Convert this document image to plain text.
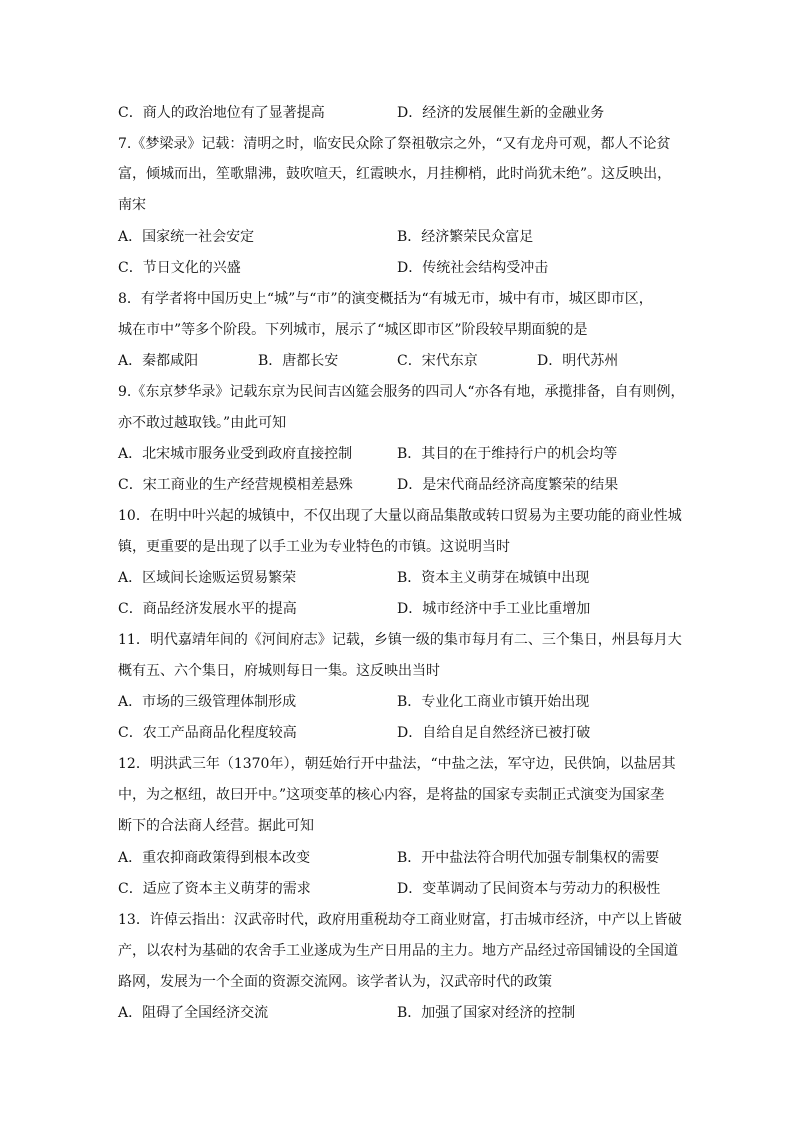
C．商人的政治地位有了显著提高	D．经济的发展催生新的金融业务
7.《梦梁录》记载：清明之时，临安民众除了祭祖敬宗之外，“又有龙舟可观，都人不论贫
富，倾城而出，笙歌鼎沸，鼓吹喧天，红霞映水，月挂柳梢，此时尚犹未绝”。这反映出，
南宋
A．国家统一社会安定	B．经济繁荣民众富足
C．节日文化的兴盛	D．传统社会结构受冲击
8．有学者将中国历史上“城”与“市”的演变概括为“有城无市，城中有市，城区即市区，
城在市中”等多个阶段。下列城市，展示了“城区即市区”阶段较早期面貌的是
A．秦都咸阳	B．唐都长安	C．宋代东京	D．明代苏州
9.《东京梦华录》记载东京为民间吉凶筵会服务的四司人“亦各有地，承揽排备，自有则例，
亦不敢过越取钱。”由此可知
A．北宋城市服务业受到政府直接控制	B．其目的在于维持行户的机会均等
C．宋工商业的生产经营规模相差悬殊	D．是宋代商品经济高度繁荣的结果
10．在明中叶兴起的城镇中，不仅出现了大量以商品集散或转口贸易为主要功能的商业性城
镇，更重要的是出现了以手工业为专业特色的市镇。这说明当时
A．区域间长途贩运贸易繁荣	B．资本主义萌芽在城镇中出现
C．商品经济发展水平的提高	D．城市经济中手工业比重增加
11．明代嘉靖年间的《河间府志》记载，乡镇一级的集市每月有二、三个集日，州县每月大
概有五、六个集日，府城则每日一集。这反映出当时
A．市场的三级管理体制形成	B．专业化工商业市镇开始出现
C．农工产品商品化程度较高	D．自给自足自然经济已被打破
12．明洪武三年（1370年），朝廷始行开中盐法，“中盐之法，军守边，民供饷，以盐居其
中，为之枢纽，故曰开中。”这项变革的核心内容，是将盐的国家专卖制正式演变为国家垄
断下的合法商人经营。据此可知
A．重农抑商政策得到根本改变	B．开中盐法符合明代加强专制集权的需要
C．适应了资本主义萌芽的需求	D．变革调动了民间资本与劳动力的积极性
13．许倬云指出：汉武帝时代，政府用重税劫夺工商业财富，打击城市经济，中产以上皆破
产，以农村为基础的农舍手工业遂成为生产日用品的主力。地方产品经过帝国铺设的全国道
路网，发展为一个全面的资源交流网。该学者认为，汉武帝时代的政策
A．阻碍了全国经济交流	B．加强了国家对经济的控制
